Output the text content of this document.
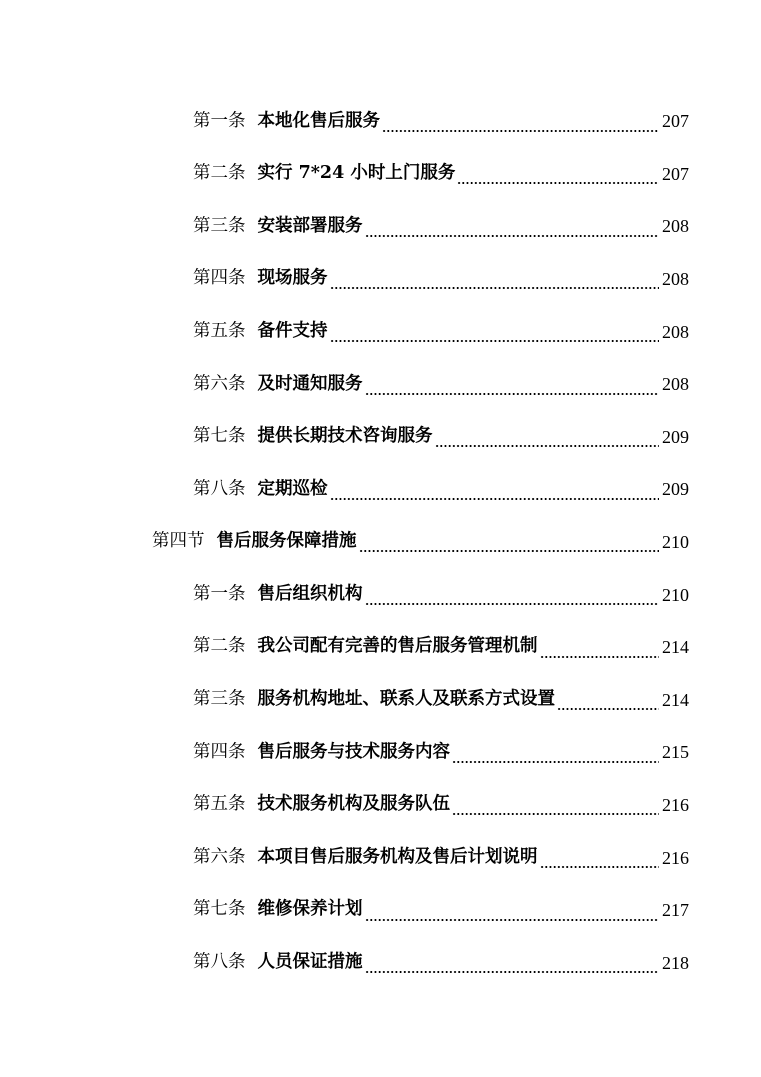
第一条 本地化售后服务	207
第二条 实行 7*24 小时上门服务	207
第三条 安装部署服务	208
第四条 现场服务	208
第五条 备件支持	208
第六条 及时通知服务	208
第七条 提供长期技术咨询服务	209
第八条 定期巡检	209
第四节 售后服务保障措施	210
第一条 售后组织机构	210
第二条 我公司配有完善的售后服务管理机制	214
第三条 服务机构地址、联系人及联系方式设置	214
第四条 售后服务与技术服务内容	215
第五条 技术服务机构及服务队伍	216
第六条 本项目售后服务机构及售后计划说明	216
第七条 维修保养计划	217
第八条 人员保证措施	218
